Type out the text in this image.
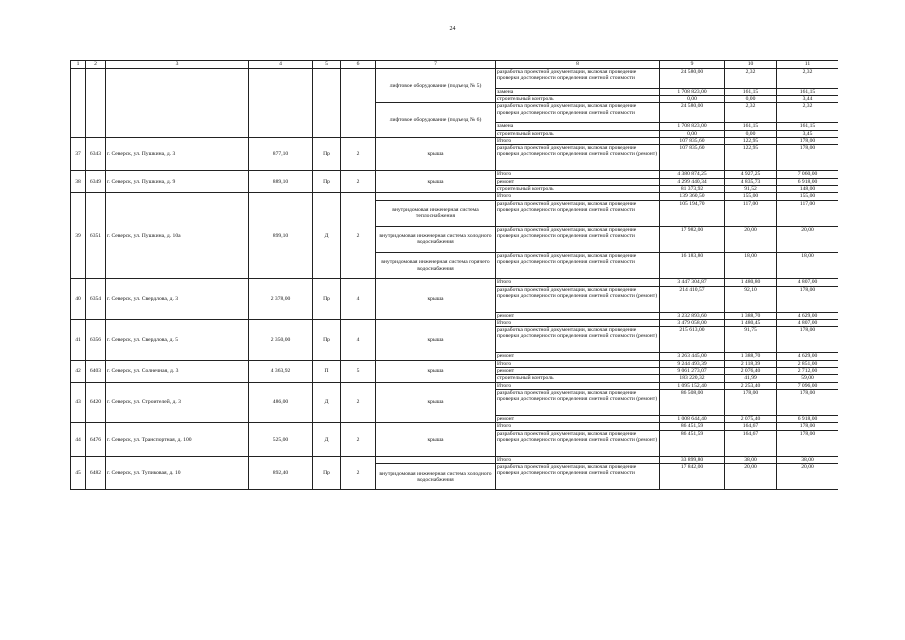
24
1	2	3	4	5	6	7	8	9	10	11
						лифтовое оборудование (подъезд № 5)	разработка проектной документации, включая проведение проверки достоверности определения сметной стоимости	24 580,00	2,32	2,32
							замена	1 708 823,00	161,15	161,15
							строительный контроль	0,00	0,00	3,44
						лифтовое оборудование (подъезд № 6)	разработка проектной документации, включая проведение проверки достоверности определения сметной стоимости	24 580,00	2,32	2,32
							замена	1 708 823,00	161,15	161,15
							строительный контроль	0,00	0,00	3,45
37	6343	г. Северск, ул. Пушкина, д. 3	877,10	Пр	2	крыша	Итого	107 835,60	122,95	178,00
							разработка проектной документации, включая проведение проверки достоверности определения сметной стоимости (ремонт)	107 835,60	122,95	178,00
38	6349	г. Северск, ул. Пушкина, д. 9	889,10	Пр	2	крыша	Итого	4 380 874,25	4 927,25	7 060,00
							ремонт	4 299 440,34	4 835,73	6 918,00
							строительный контроль	81 373,92	91,52	148,00
39	6351	г. Северск, ул. Пушкина, д. 10а	899,10	Д	2		Итого	139 360,50	155,00	155,00
						внутридомовая инженерная система теплоснабжения	разработка проектной документации, включая проведение проверки достоверности определения сметной стоимости	105 194,70	117,00	117,00
						внутридомовая инженерная система холодного водоснабжения	разработка проектной документации, включая проведение проверки достоверности определения сметной стоимости	17 982,00	20,00	20,00
						внутридомовая инженерная система горячего водоснабжения	разработка проектной документации, включая проведение проверки достоверности определения сметной стоимости	16 183,80	18,00	18,00
40	6354	г. Северск, ул. Свердлова, д. 3	2 378,00	Пр	4	крыша	Итого	3 447 304,87	1 480,80	4 807,00
							разработка проектной документации, включая проведение проверки достоверности определения сметной стоимости (ремонт)	214 410,57	92,10	178,00
							ремонт	3 232 893,60	1 388,70	4 629,00
41	6356	г. Северск, ул. Свердлова, д. 5	2 350,00	Пр	4	крыша	Итого	3 479 058,00	1 480,45	4 807,00
							разработка проектной документации, включая проведение проверки достоверности определения сметной стоимости (ремонт)	215 613,00	91,75	178,00
							ремонт	3 263 445,00	1 388,70	4 629,00
42	6403	г. Северск, ул. Солнечная, д. 3	4 363,92	П	5	крыша	Итого	9 244 493,39	2 118,39	2 851,00
							ремонт	9 061 273,07	2 076,40	2 712,00
							строительный контроль	183 220,32	41,99	59,00
43	6420	г. Северск, ул. Строителей, д. 3	486,00	Д	2	крыша	Итого	1 095 152,40	2 253,40	7 096,00
							разработка проектной документации, включая проведение проверки достоверности определения сметной стоимости (ремонт)	86 508,00	178,00	178,00
							ремонт	1 008 644,40	2 075,40	6 918,00
44	6476	г. Северск, ул. Транспортная, д. 100	525,00	Д	2	крыша	Итого	86 451,59	164,67	178,00
							разработка проектной документации, включая проведение проверки достоверности определения сметной стоимости (ремонт)	86 451,59	164,67	178,00
45	6482	г. Северск, ул. Тупиковая, д. 10	892,40	Пр	2		Итого	33 899,80	38,00	38,00
						внутридомовая инженерная система холодного водоснабжения	разработка проектной документации, включая проведение проверки достоверности определения сметной стоимости	17 842,00	20,00	20,00
